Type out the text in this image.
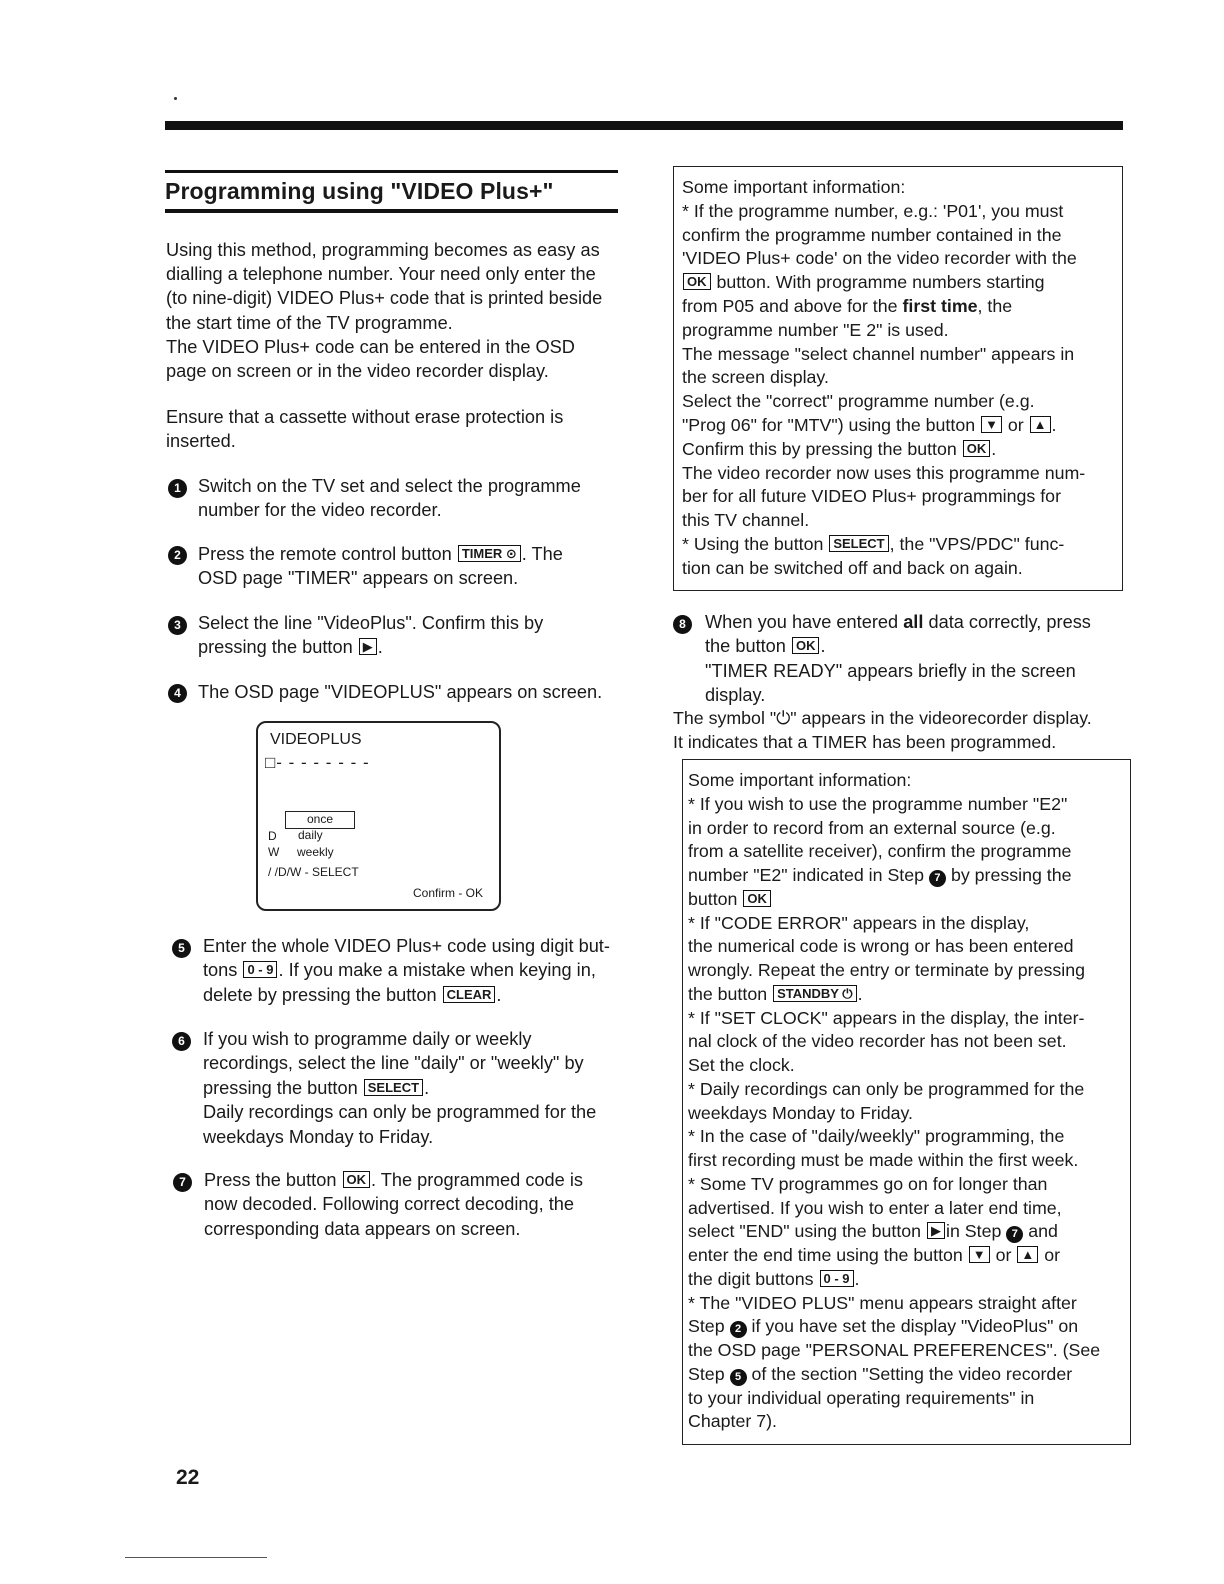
Programming using "VIDEO Plus+"
Using this method, programming becomes as easy as
dialling a telephone number. Your need only enter the
(to nine-digit) VIDEO Plus+ code that is printed beside
the start time of the TV programme.
The VIDEO Plus+ code can be entered in the OSD
page on screen or in the video recorder display.
Ensure that a cassette without erase protection is
inserted.
1 Switch on the TV set and select the programme
number for the video recorder.
2 Press the remote control button TIMER ⊙ . The
OSD page "TIMER" appears on screen.
3 Select the line "VideoPlus". Confirm this by
pressing the button ▶ .
4 The OSD page "VIDEOPLUS" appears on screen.
VIDEOPLUS
□- - - - - - - -
once
D daily
W weekly
/ /D/W - SELECT
Confirm - OK
5 Enter the whole VIDEO Plus+ code using digit but-
tons 0 - 9 . If you make a mistake when keying in,
delete by pressing the button CLEAR .
6 If you wish to programme daily or weekly
recordings, select the line "daily" or "weekly" by
pressing the button SELECT .
Daily recordings can only be programmed for the
weekdays Monday to Friday.
7 Press the button OK . The programmed code is
now decoded. Following correct decoding, the
corresponding data appears on screen.
Some important information:
* If the programme number, e.g.: 'P01', you must
confirm the programme number contained in the
'VIDEO Plus+ code' on the video recorder with the
OK button. With programme numbers starting
from P05 and above for the first time, the
programme number "E 2" is used.
The message "select channel number" appears in
the screen display.
Select the "correct" programme number (e.g.
"Prog 06" for "MTV") using the button ▼ or ▲ .
Confirm this by pressing the button OK .
The video recorder now uses this programme num-
ber for all future VIDEO Plus+ programmings for
this TV channel.
* Using the button SELECT , the "VPS/PDC" func-
tion can be switched off and back on again.
8	When you have entered all data correctly, press
the button OK .
"TIMER READY" appears briefly in the screen
display.
The symbol "⏻" appears in the videorecorder display.
It indicates that a TIMER has been programmed.
Some important information:
* If you wish to use the programme number "E2"
in order to record from an external source (e.g.
from a satellite receiver), confirm the programme
number "E2" indicated in Step 7 by pressing the
button OK
* If "CODE ERROR" appears in the display,
the numerical code is wrong or has been entered
wrongly. Repeat the entry or terminate by pressing
the button STANDBY ⏻ .
* If "SET CLOCK" appears in the display, the inter-
nal clock of the video recorder has not been set.
Set the clock.
* Daily recordings can only be programmed for the
weekdays Monday to Friday.
* In the case of "daily/weekly" programming, the
first recording must be made within the first week.
* Some TV programmes go on for longer than
advertised. If you wish to enter a later end time,
select "END" using the button ▶ in Step 7 and
enter the end time using the button ▼ or ▲ or
the digit buttons 0 - 9 .
* The "VIDEO PLUS" menu appears straight after
Step 2 if you have set the display "VideoPlus" on
the OSD page "PERSONAL PREFERENCES". (See
Step 5 of the section "Setting the video recorder
to your individual operating requirements" in
Chapter 7).
22
